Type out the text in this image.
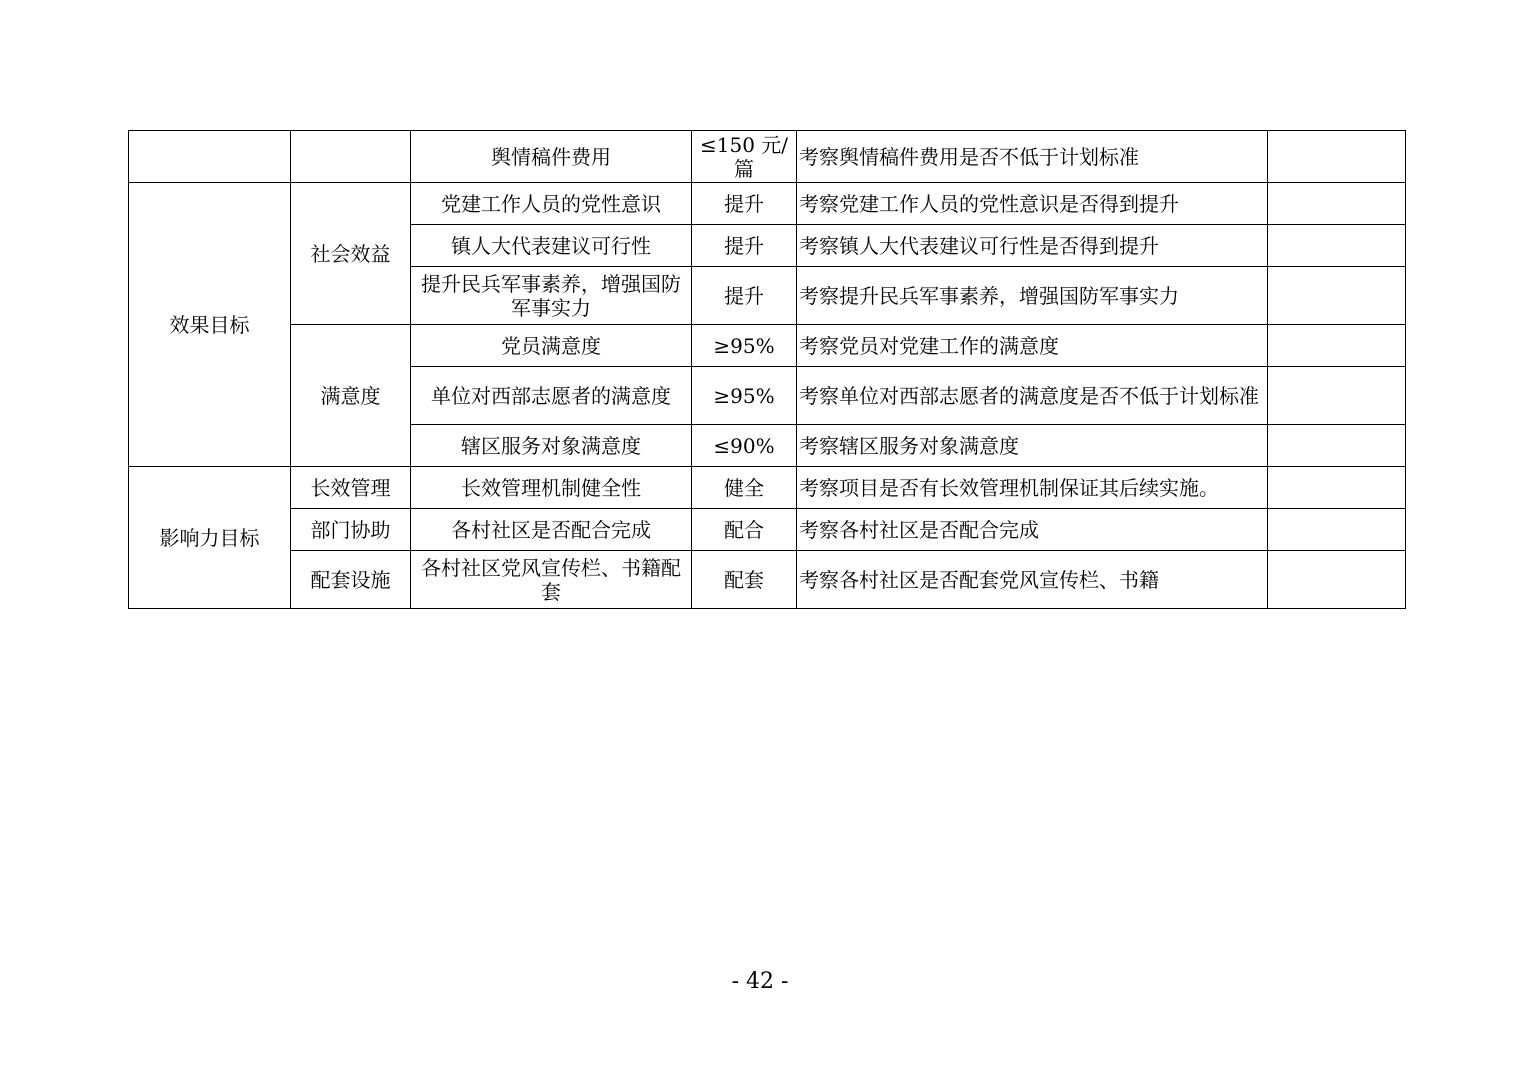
		舆情稿件费用	≤150 元/篇	考察舆情稿件费用是否不低于计划标准	
效果目标	社会效益	党建工作人员的党性意识	提升	考察党建工作人员的党性意识是否得到提升	
		镇人大代表建议可行性	提升	考察镇人大代表建议可行性是否得到提升	
		提升民兵军事素养，增强国防军事实力	提升	考察提升民兵军事素养，增强国防军事实力	
	满意度	党员满意度	≥95%	考察党员对党建工作的满意度	
		单位对西部志愿者的满意度	≥95%	考察单位对西部志愿者的满意度是否不低于计划标准	
		辖区服务对象满意度	≤90%	考察辖区服务对象满意度	
影响力目标	长效管理	长效管理机制健全性	健全	考察项目是否有长效管理机制保证其后续实施。	
	部门协助	各村社区是否配合完成	配合	考察各村社区是否配合完成	
	配套设施	各村社区党风宣传栏、书籍配套	配套	考察各村社区是否配套党风宣传栏、书籍	
- 42 -
